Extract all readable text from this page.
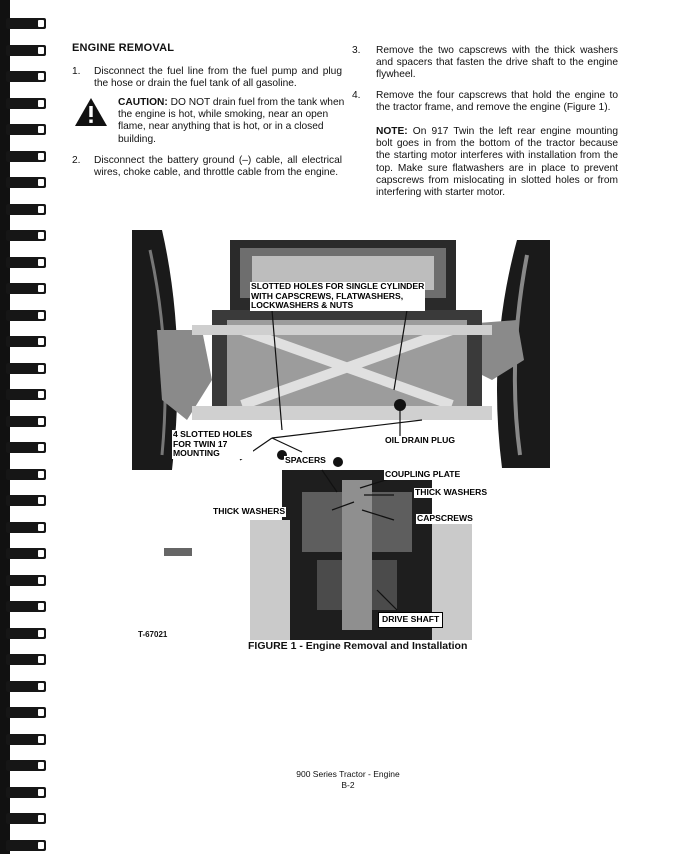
ENGINE REMOVAL
1. Disconnect the fuel line from the fuel pump and plug the hose or drain the fuel tank of all gasoline.
CAUTION: DO NOT drain fuel from the tank when the engine is hot, while smoking, near an open flame, near anything that is hot, or in a closed building.
2. Disconnect the battery ground (–) cable, all electrical wires, choke cable, and throttle cable from the engine.
3. Remove the two capscrews with the thick washers and spacers that fasten the drive shaft to the engine flywheel.
4. Remove the four capscrews that hold the engine to the tractor frame, and remove the engine (Figure 1).
NOTE: On 917 Twin the left rear engine mounting bolt goes in from the bottom of the tractor because the starting motor interferes with installation from the top. Make sure flatwashers are in place to prevent capscrews from mislocating in slotted holes or from interfering with starter motor.
SLOTTED HOLES FOR SINGLE CYLINDER
WITH CAPSCREWS, FLATWASHERS,
LOCKWASHERS & NUTS
4 SLOTTED HOLES
FOR TWIN 17
MOUNTING
OIL DRAIN PLUG
SPACERS
COUPLING PLATE
THICK WASHERS
THICK WASHERS
CAPSCREWS
DRIVE SHAFT
T-67021
FIGURE 1 - Engine Removal and Installation
900 Series Tractor - Engine
B-2
